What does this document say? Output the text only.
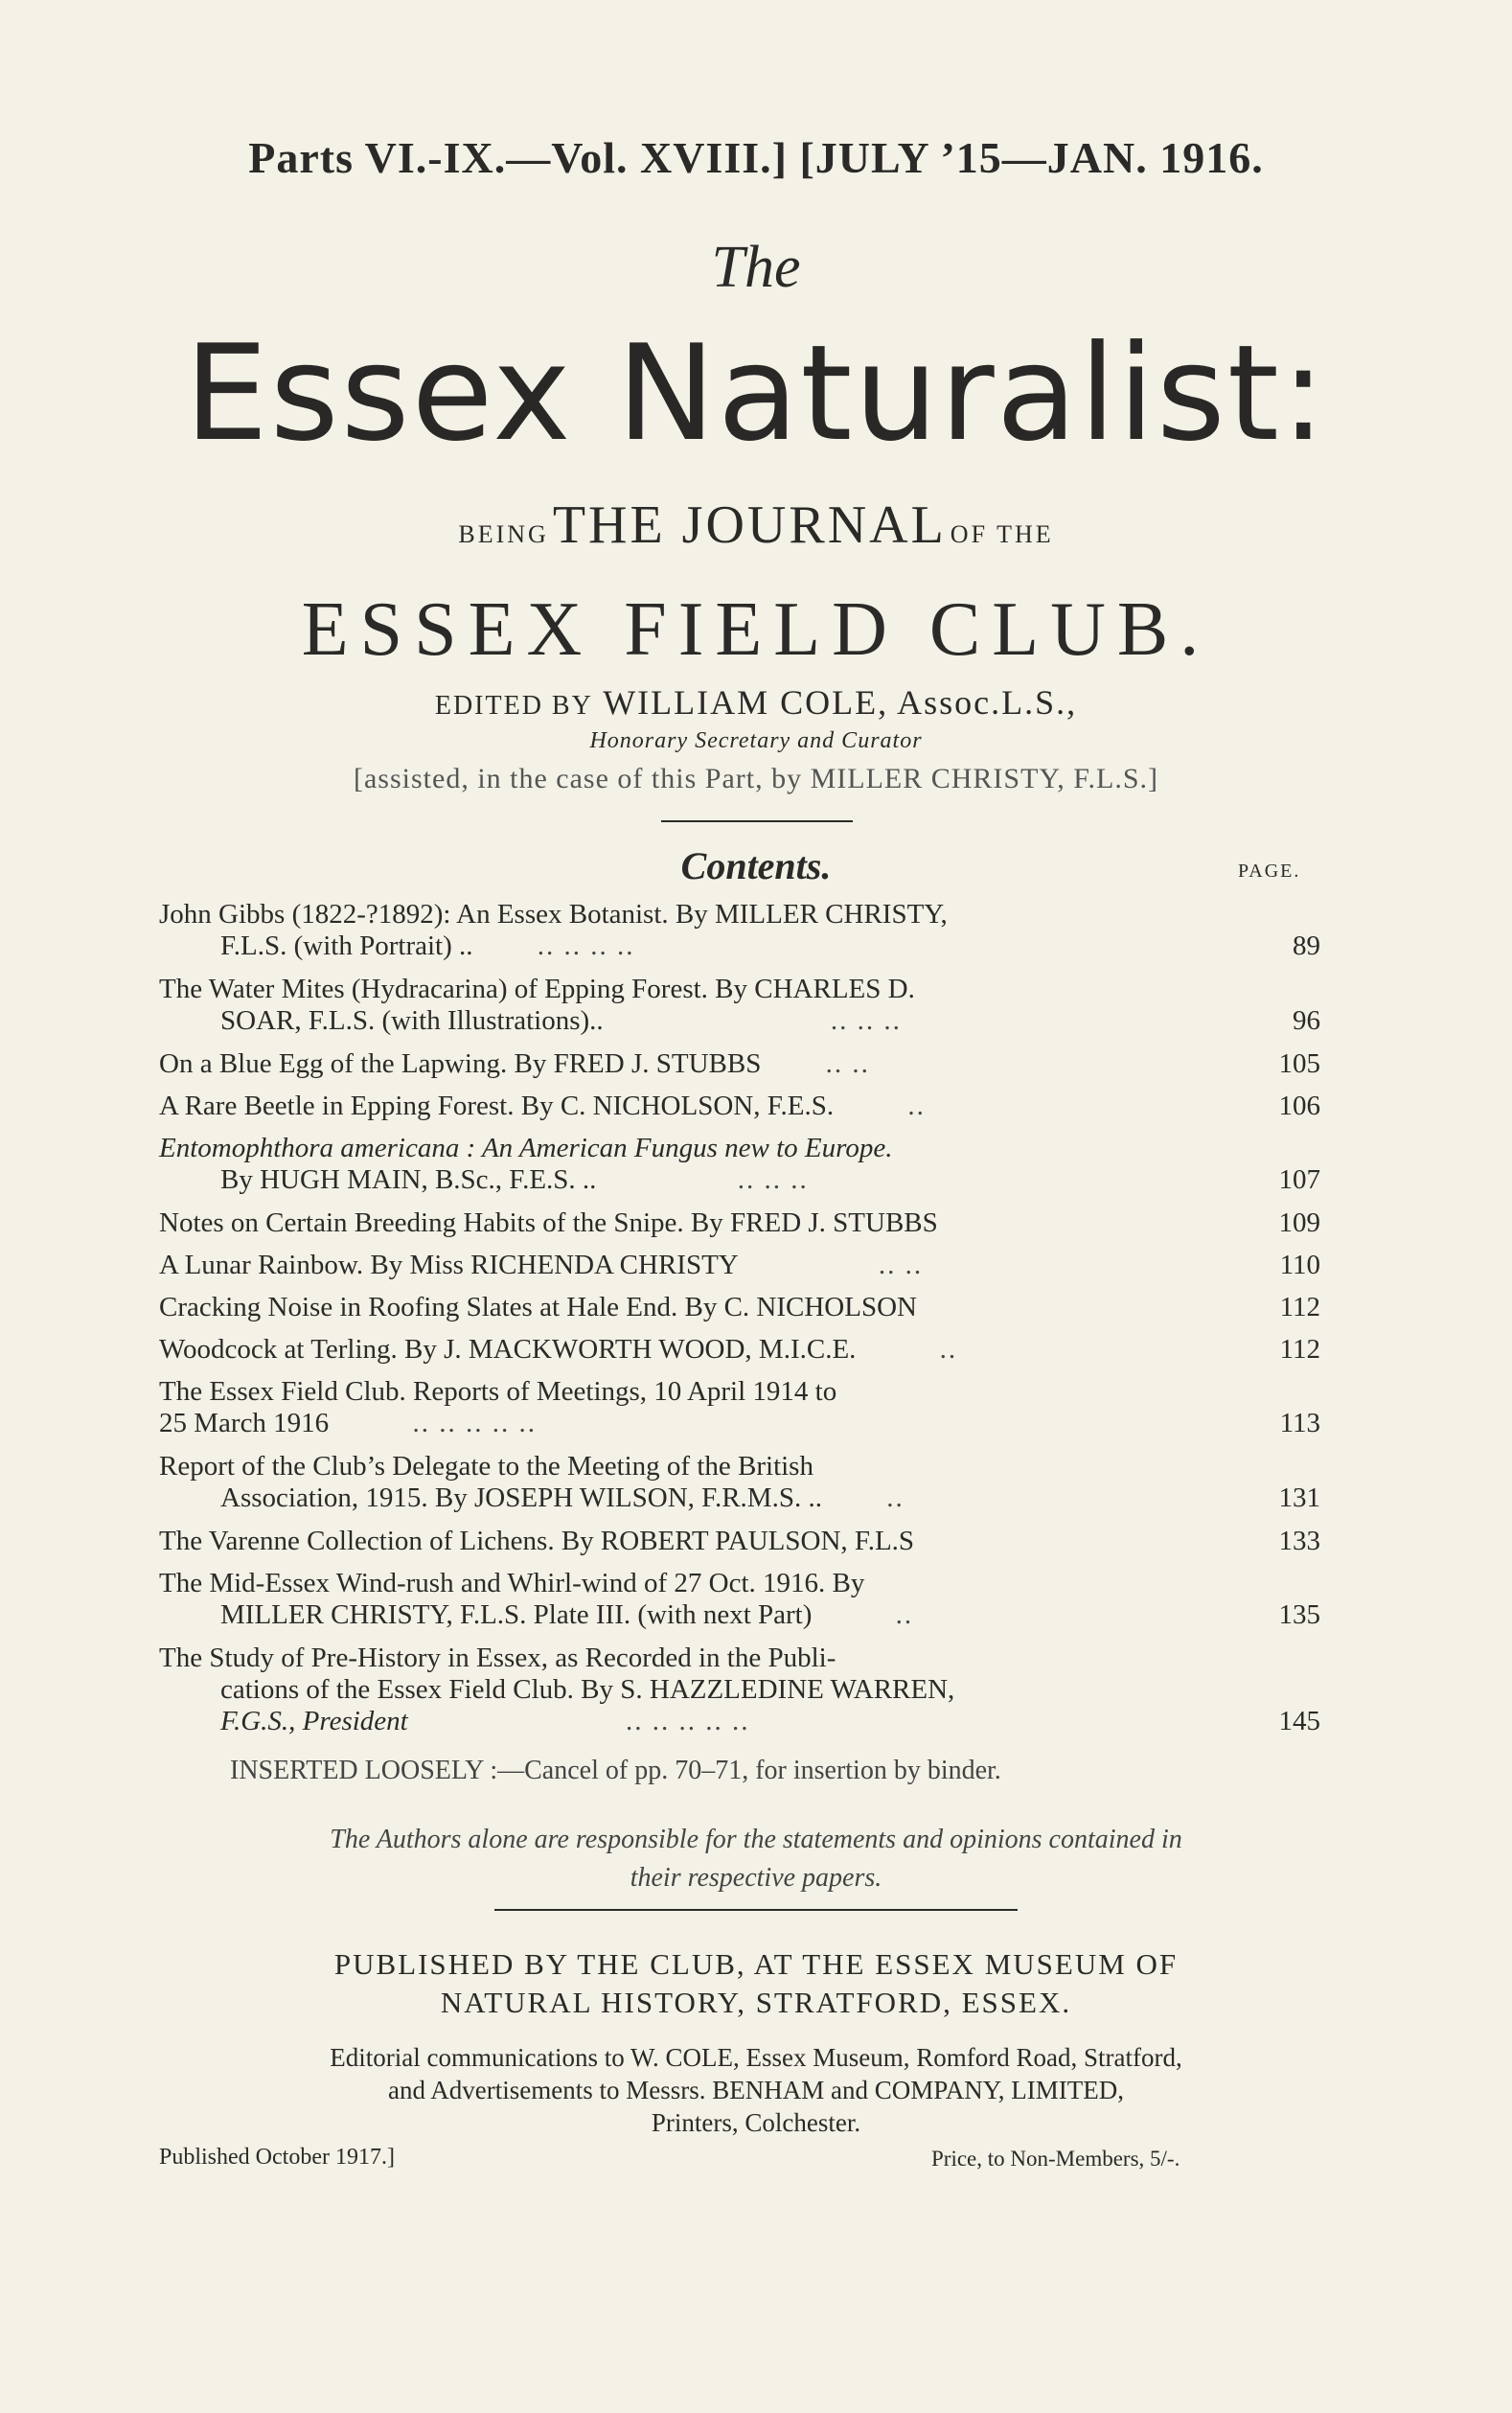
Parts VI.-IX.—Vol. XVIII.] [JULY ’15—JAN. 1916.
The
Essex Naturalist:
BEING THE JOURNAL OF THE
ESSEX FIELD CLUB.
EDITED BY WILLIAM COLE, Assoc.L.S.,
Honorary Secretary and Curator
[assisted, in the case of this Part, by MILLER CHRISTY, F.L.S.]
Contents.	PAGE.
John Gibbs (1822-?1892): An Essex Botanist. By MILLER CHRISTY,
F.L.S. (with Portrait) .. .. .. .. ..	89
The Water Mites (Hydracarina) of Epping Forest. By CHARLES D.
SOAR, F.L.S. (with Illustrations)..	.. .. ..	96
On a Blue Egg of the Lapwing. By FRED J. STUBBS .. ..	105
A Rare Beetle in Epping Forest. By C. NICHOLSON, F.E.S.	..	106
Entomophthora americana : An American Fungus new to Europe.
By HUGH MAIN, B.Sc., F.E.S. ..	.. .. ..	107
Notes on Certain Breeding Habits of the Snipe. By FRED J. STUBBS	109
A Lunar Rainbow. By Miss RICHENDA CHRISTY	.. ..	110
Cracking Noise in Roofing Slates at Hale End. By C. NICHOLSON	112
Woodcock at Terling. By J. MACKWORTH WOOD, M.I.C.E.	..	112
The Essex Field Club. Reports of Meetings, 10 April 1914 to
25 March 1916	.. .. .. .. ..	113
Report of the Club’s Delegate to the Meeting of the British
Association, 1915. By JOSEPH WILSON, F.R.M.S. .. ..	131
The Varenne Collection of Lichens. By ROBERT PAULSON, F.L.S	133
The Mid-Essex Wind-rush and Whirl-wind of 27 Oct. 1916. By
MILLER CHRISTY, F.L.S. Plate III. (with next Part)	..	135
The Study of Pre-History in Essex, as Recorded in the Publi-
cations of the Essex Field Club. By S. HAZZLEDINE WARREN,
F.G.S., President	.. .. .. .. ..	145
INSERTED LOOSELY :—Cancel of pp. 70–71, for insertion by binder.
The Authors alone are responsible for the statements and opinions contained in
their respective papers.
PUBLISHED BY THE CLUB, AT THE ESSEX MUSEUM OF
NATURAL HISTORY, STRATFORD, ESSEX.
Editorial communications to W. COLE, Essex Museum, Romford Road, Stratford,
and Advertisements to Messrs. BENHAM and COMPANY, LIMITED,
Printers, Colchester.
Published October 1917.]	Price, to Non-Members, 5/-.
